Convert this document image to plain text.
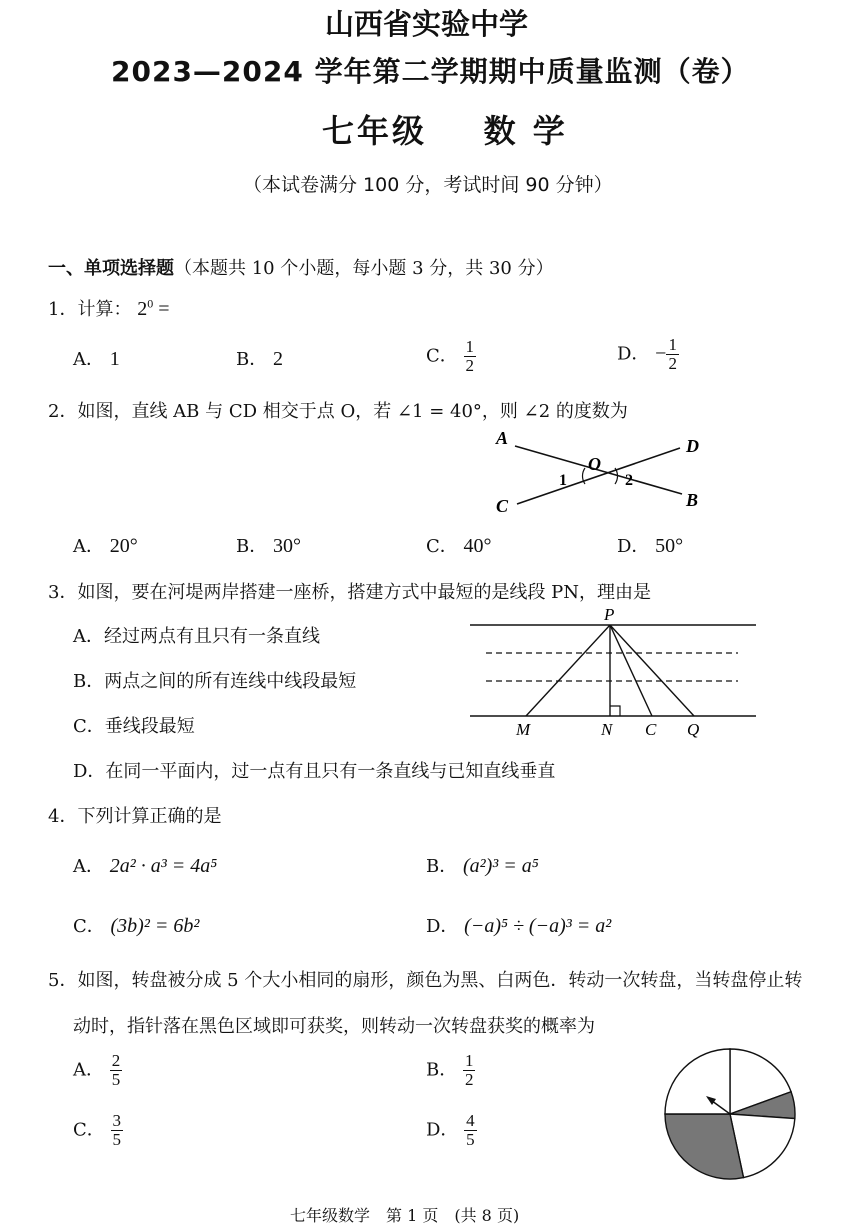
山西省实验中学
2023—2024 学年第二学期期中质量监测（卷）
七年级    数 学
（本试卷满分 100 分，考试时间 90 分钟）
一、单项选择题（本题共 10 个小题，每小题 3 分，共 30 分）
1．计算： $2^0$ =
A． 1	B． 2	C． $\frac{1}{2}$	D． − $\frac{1}{2}$
2．如图，直线 AB 与 CD 相交于点 O，若 ∠1 = 40°，则 ∠2 的度数为
A
B
C
D
O
1	2
A． 20°	B． 30°	C． 40°	D． 50°
3．如图，要在河堤两岸搭建一座桥，搭建方式中最短的是线段 PN，理由是
A．经过两点有且只有一条直线
B．两点之间的所有连线中线段最短
C．垂线段最短
D．在同一平面内，过一点有且只有一条直线与已知直线垂直
P
M	N C Q
4．下列计算正确的是
A． 2a² · a³ = 4a⁵	B． (a²)³ = a⁵
C． (3b)² = 6b²	D． (−a)⁵ ÷ (−a)³ = a²
5．如图，转盘被分成 5 个大小相同的扇形，颜色为黑、白两色．转动一次转盘，当转盘停止转
动时，指针落在黑色区域即可获奖，则转动一次转盘获奖的概率为
A． $\frac{2}{5}$	B． $\frac{1}{2}$
C． $\frac{3}{5}$	D． $\frac{4}{5}$
七年级数学　第 1 页　(共 8 页)
